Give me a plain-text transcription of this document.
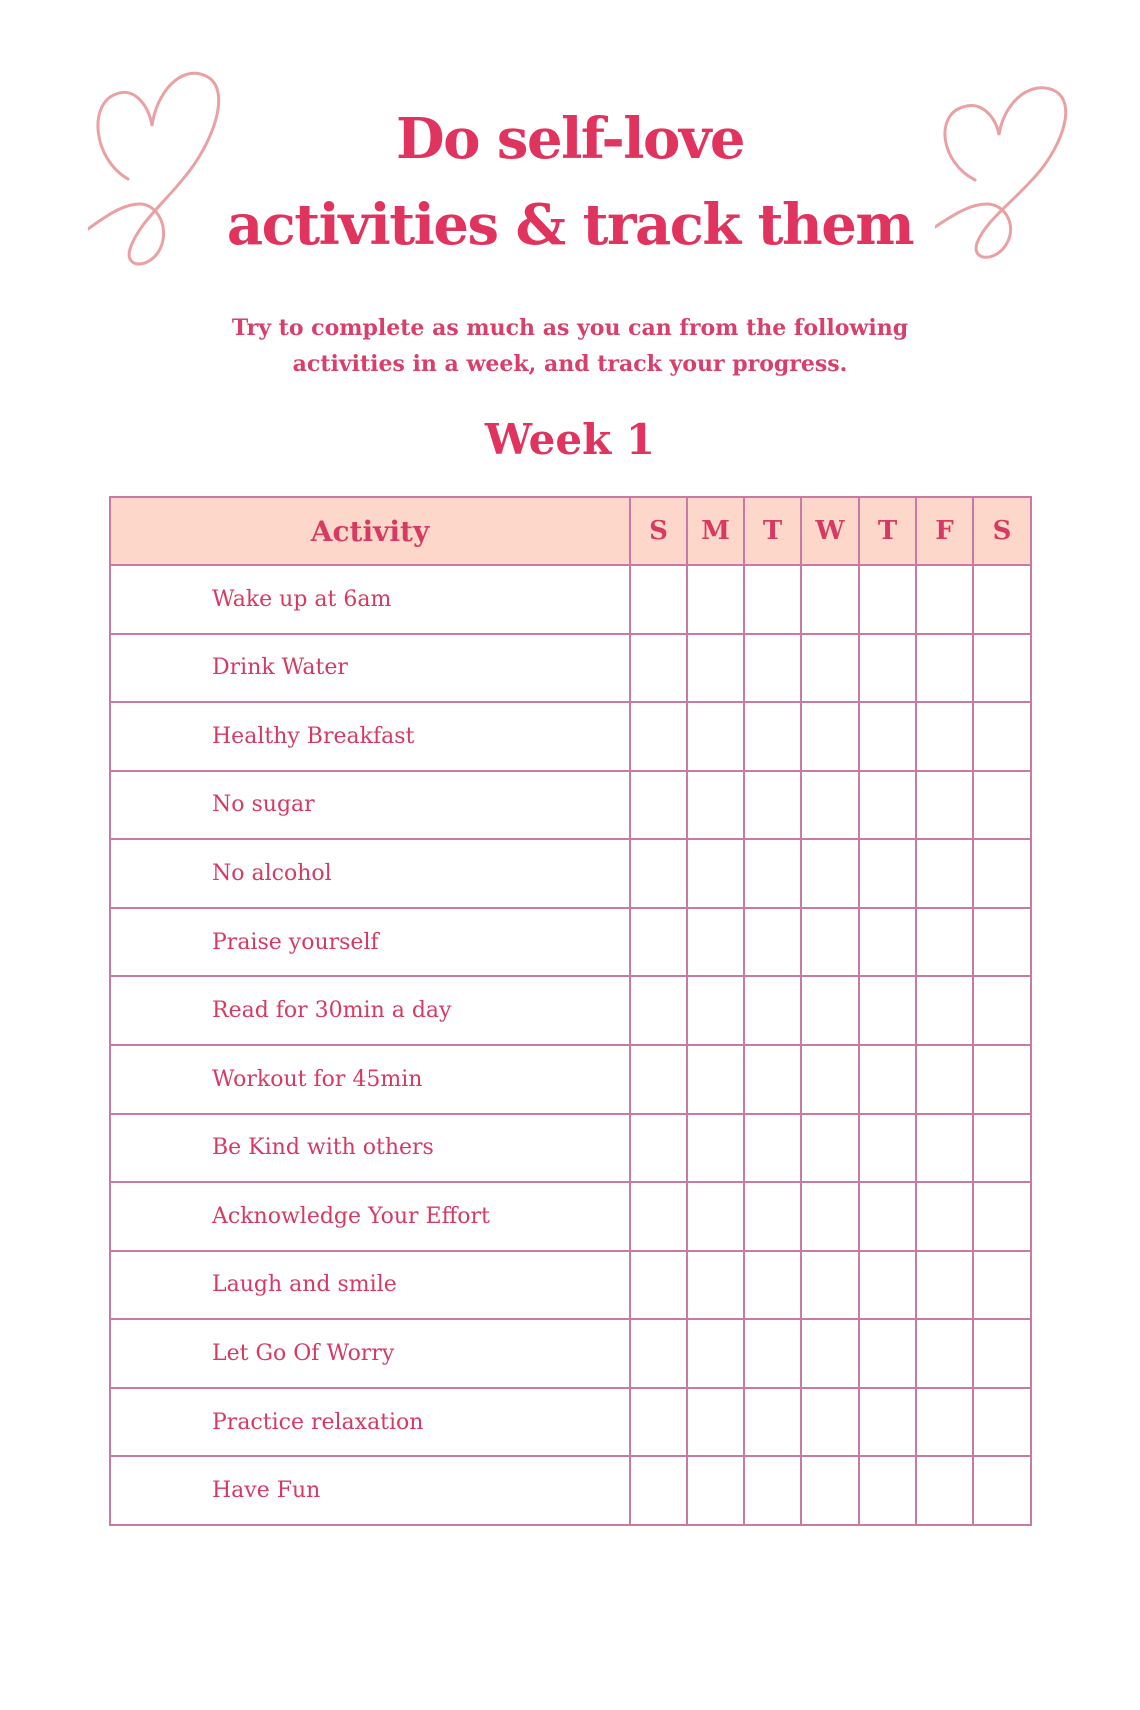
Do self-love
activities & track them
Try to complete as much as you can from the following
activities in a week, and track your progress.
Week 1
Activity	S	M	T	W	T	F	S
Wake up at 6am							
Drink Water							
Healthy Breakfast							
No sugar							
No alcohol							
Praise yourself							
Read for 30min a day							
Workout for 45min							
Be Kind with others							
Acknowledge Your Effort							
Laugh and smile							
Let Go Of Worry							
Practice relaxation							
Have Fun							
